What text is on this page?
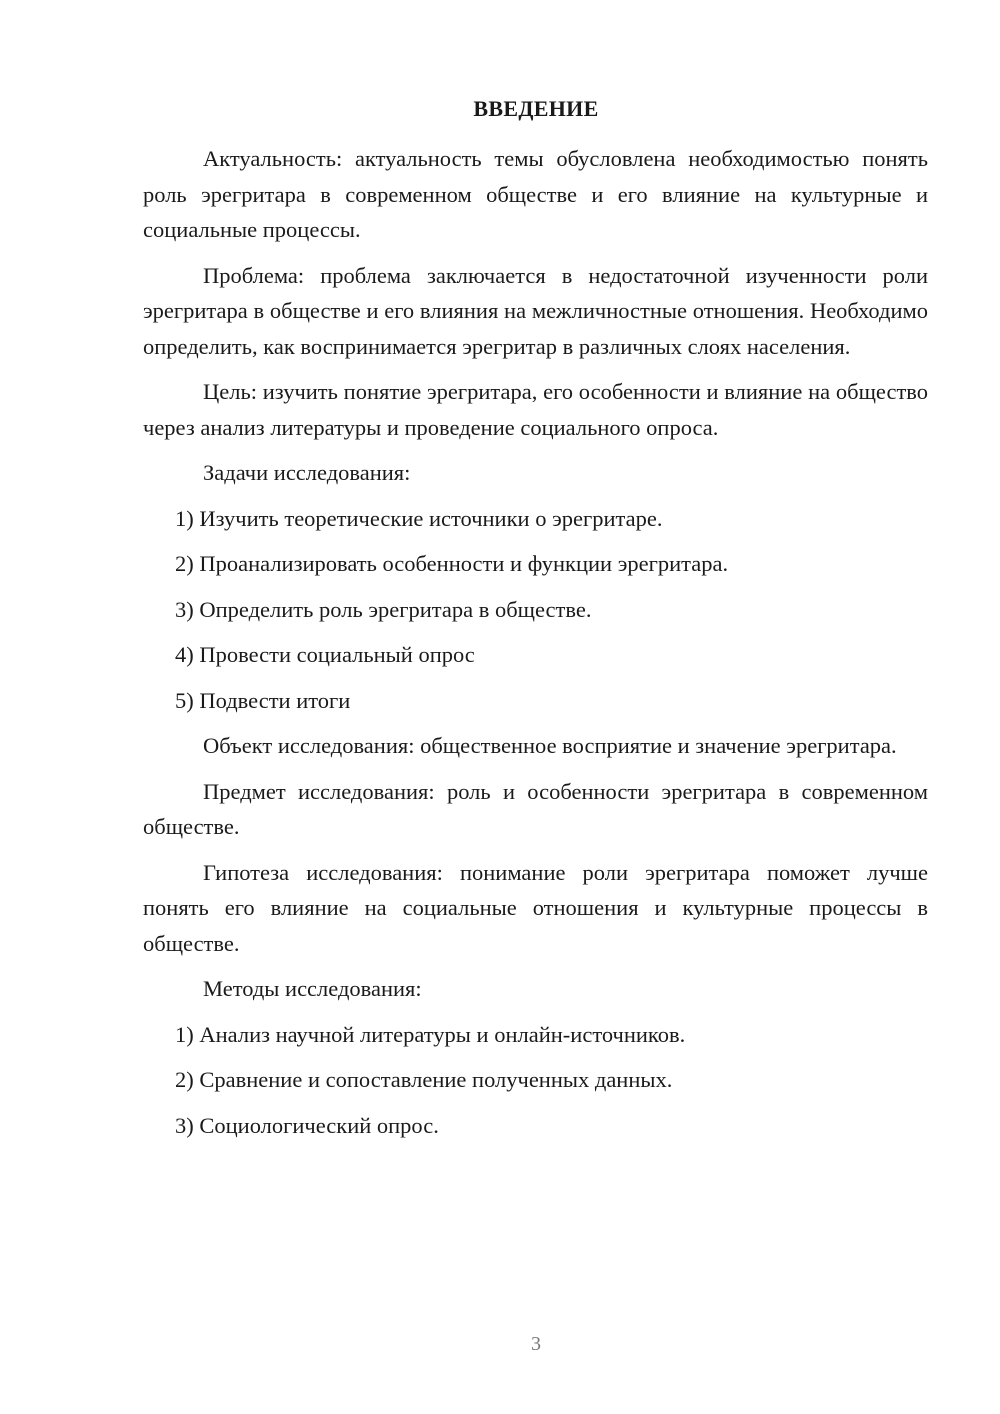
ВВЕДЕНИЕ

Актуальность: актуальность темы обусловлена необходимостью понять роль эрегритара в современном обществе и его влияние на культурные и социальные процессы.

Проблема: проблема заключается в недостаточной изученности роли эрегритара в обществе и его влияния на межличностные отношения. Необходимо определить, как воспринимается эрегритар в различных слоях населения.

Цель: изучить понятие эрегритара, его особенности и влияние на общество через анализ литературы и проведение социального опроса.

Задачи исследования:

1) Изучить теоретические источники о эрегритаре.
2) Проанализировать особенности и функции эрегритара.
3) Определить роль эрегритара в обществе.
4) Провести социальный опрос
5) Подвести итоги

Объект исследования: общественное восприятие и значение эрегритара.

Предмет исследования: роль и особенности эрегритара в современном обществе.

Гипотеза исследования: понимание роли эрегритара поможет лучше понять его влияние на социальные отношения и культурные процессы в обществе.

Методы исследования:

1) Анализ научной литературы и онлайн-источников.
2) Сравнение и сопоставление полученных данных.
3) Социологический опрос.
3
